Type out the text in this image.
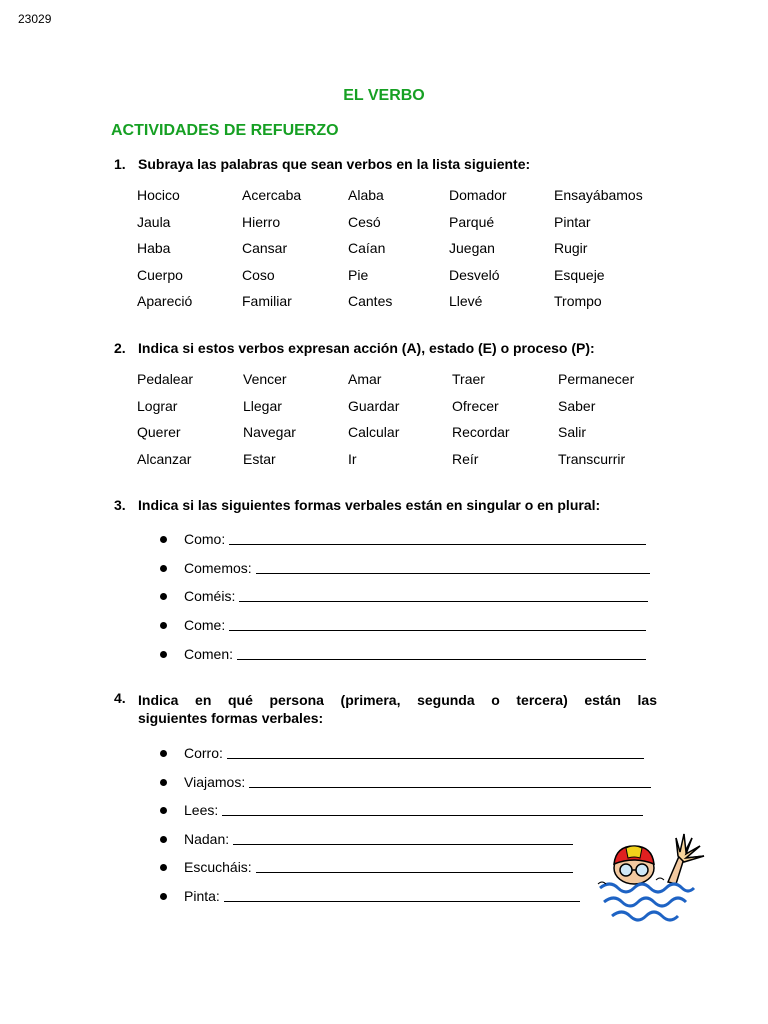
23029
EL VERBO
ACTIVIDADES DE REFUERZO
1. Subraya las palabras que sean verbos en la lista siguiente:
Hocico	Acercaba	Alaba	Domador	Ensayábamos
Jaula	Hierro	Cesó	Parqué	Pintar
Haba	Cansar	Caían	Juegan	Rugir
Cuerpo	Coso	Pie	Desveló	Esqueje
Apareció	Familiar	Cantes	Llevé	Trompo
2. Indica si estos verbos expresan acción (A), estado (E) o proceso (P):
Pedalear	Vencer	Amar	Traer	Permanecer
Lograr	Llegar	Guardar	Ofrecer	Saber
Querer	Navegar	Calcular	Recordar	Salir
Alcanzar	Estar	Ir	Reír	Transcurrir
3. Indica si las siguientes formas verbales están en singular o en plural:
Como:
Comemos:
Coméis:
Come:
Comen:
4. Indica en qué persona (primera, segunda o tercera) están las
siguientes formas verbales:
Corro:
Viajamos:
Lees:
Nadan:
Escucháis:
Pinta:
